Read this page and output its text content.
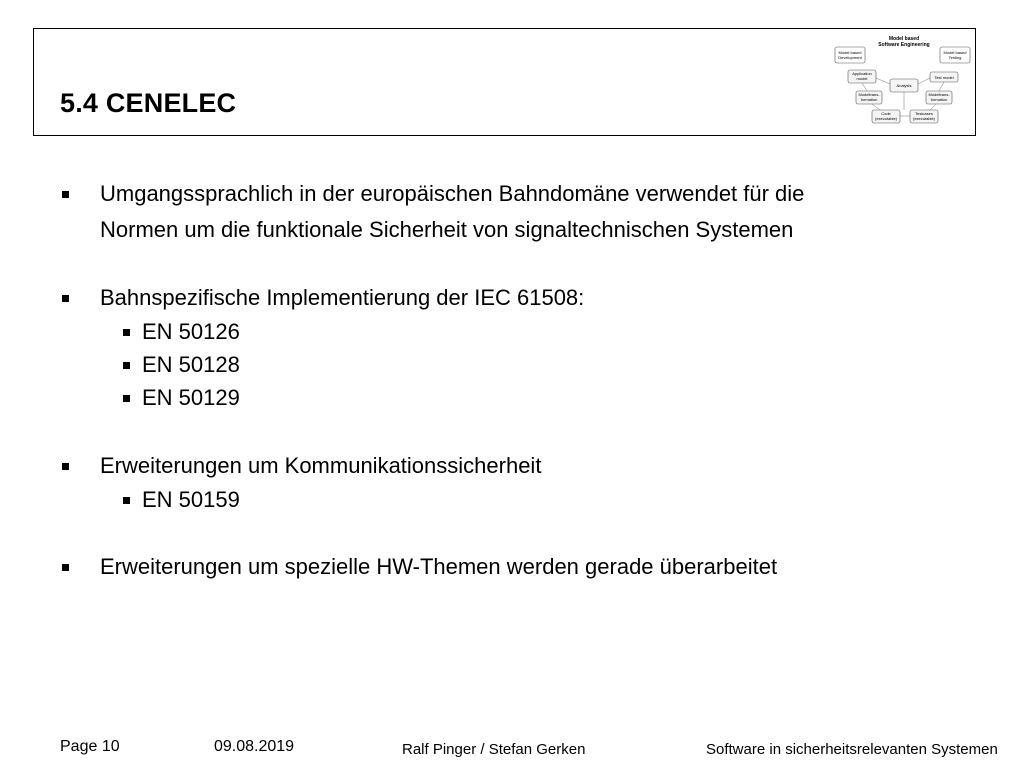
5.4 CENELEC
Model based
Software Engineering
Model based
Development
Model based
Testing
Application
model	Test model
Analysis
Modeltrans-
formation
Modeltrans-
formation
Code
(executable)
Testcases
(executable)
Umgangssprachlich in der europäischen Bahndomäne verwendet für die
Normen um die funktionale Sicherheit von signaltechnischen Systemen
Bahnspezifische Implementierung der IEC 61508:
EN 50126
EN 50128
EN 50129
Erweiterungen um Kommunikationssicherheit
EN 50159
Erweiterungen um spezielle HW-Themen werden gerade überarbeitet
Page 10	09.08.2019	Ralf Pinger / Stefan Gerken	Software in sicherheitsrelevanten Systemen
